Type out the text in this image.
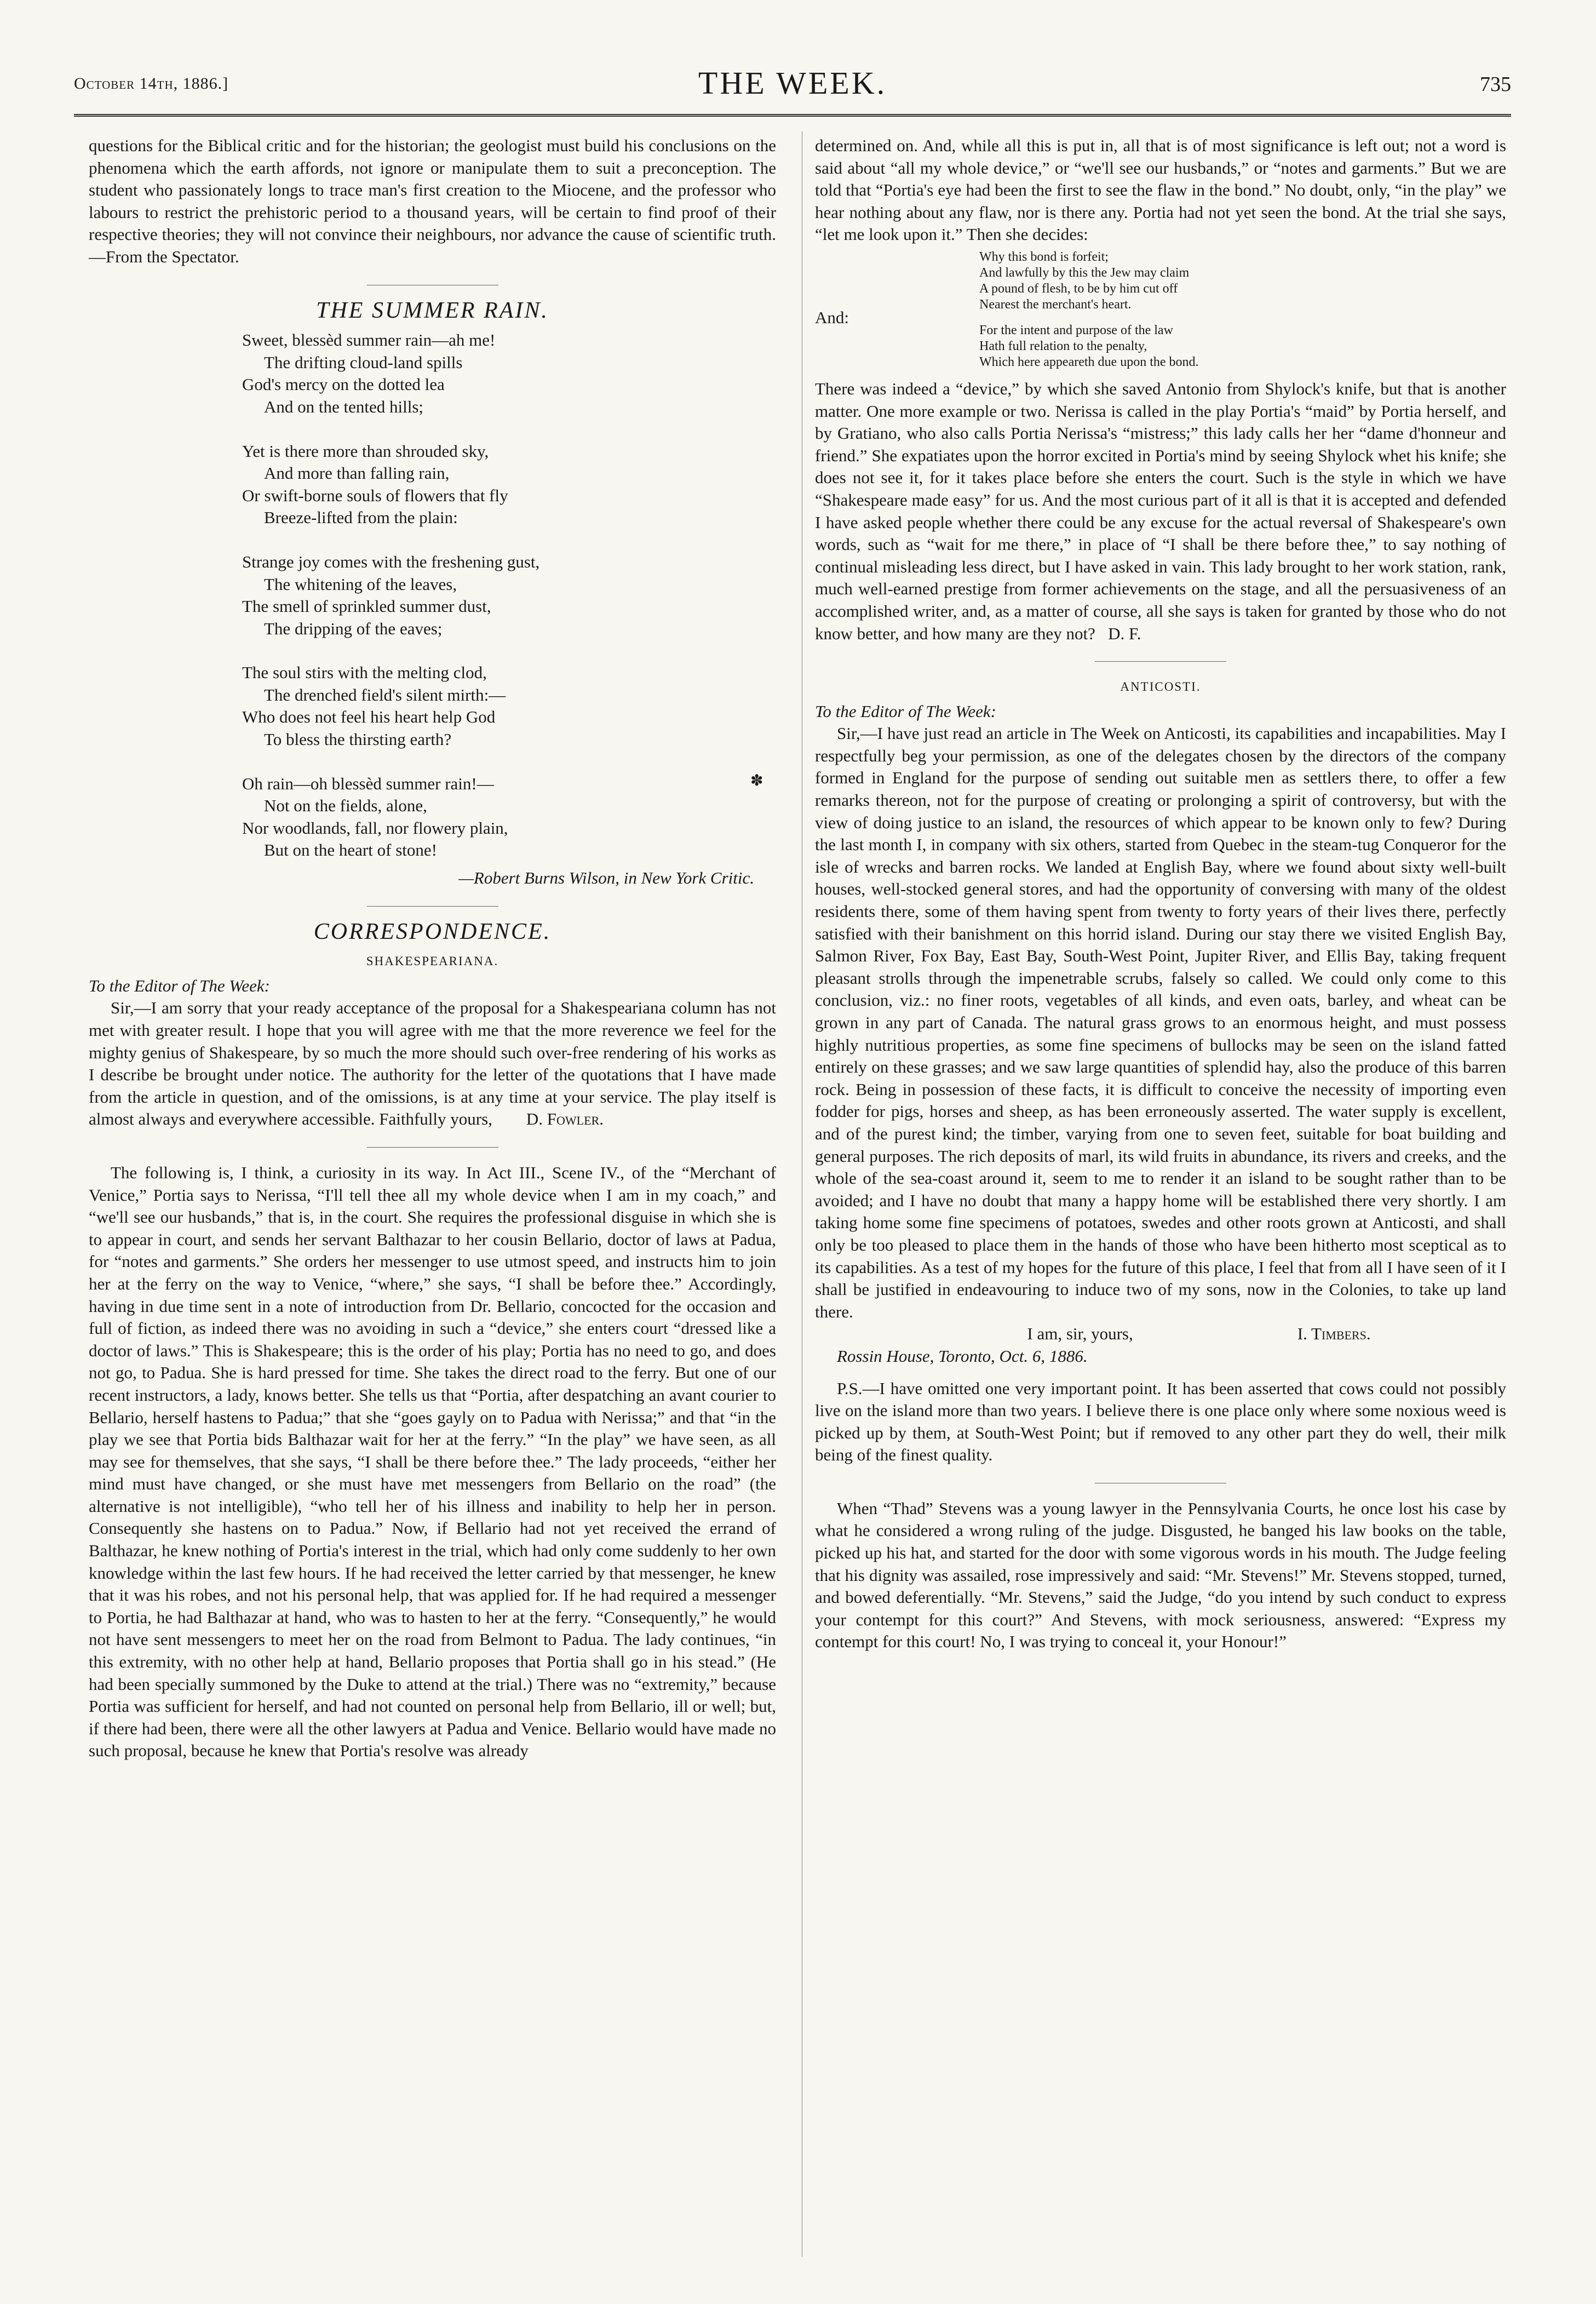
October 14th, 1886.]	THE WEEK.	735
✽

questions for the Biblical critic and for the historian; the geologist must build his conclusions on the phenomena which the earth affords, not ignore or manipulate them to suit a preconception. The student who passionately longs to trace man's first creation to the Miocene, and the professor who labours to restrict the prehistoric period to a thousand years, will be certain to find proof of their respective theories; they will not convince their neighbours, nor advance the cause of scientific truth.—From the Spectator.

THE SUMMER RAIN.
Sweet, blessèd summer rain—ah me!
The drifting cloud-land spills
God's mercy on the dotted lea
And on the tented hills;
Yet is there more than shrouded sky,
And more than falling rain,
Or swift-borne souls of flowers that fly
Breeze-lifted from the plain:
Strange joy comes with the freshening gust,
The whitening of the leaves,
The smell of sprinkled summer dust,
The dripping of the eaves;
The soul stirs with the melting clod,
The drenched field's silent mirth:—
Who does not feel his heart help God
To bless the thirsting earth?
Oh rain—oh blessèd summer rain!—
Not on the fields, alone,
Nor woodlands, fall, nor flowery plain,
But on the heart of stone!
—Robert Burns Wilson, in New York Critic.
CORRESPONDENCE.
SHAKESPEARIANA.

To the Editor of The Week:

Sir,—I am sorry that your ready acceptance of the proposal for a Shakespeariana column has not met with greater result. I hope that you will agree with me that the more reverence we feel for the mighty genius of Shakespeare, by so much the more should such over-free rendering of his works as I describe be brought under notice. The authority for the letter of the quotations that I have made from the article in question, and of the omissions, is at any time at your service. The play itself is almost always and everywhere accessible. Faithfully yours, D. Fowler.

The following is, I think, a curiosity in its way. In Act III., Scene IV., of the “Merchant of Venice,” Portia says to Nerissa, “I'll tell thee all my whole device when I am in my coach,” and “we'll see our husbands,” that is, in the court. She requires the professional disguise in which she is to appear in court, and sends her servant Balthazar to her cousin Bellario, doctor of laws at Padua, for “notes and garments.” She orders her messenger to use utmost speed, and instructs him to join her at the ferry on the way to Venice, “where,” she says, “I shall be before thee.” Accordingly, having in due time sent in a note of introduction from Dr. Bellario, concocted for the occasion and full of fiction, as indeed there was no avoiding in such a “device,” she enters court “dressed like a doctor of laws.” This is Shakespeare; this is the order of his play; Portia has no need to go, and does not go, to Padua. She is hard pressed for time. She takes the direct road to the ferry. But one of our recent instructors, a lady, knows better. She tells us that “Portia, after despatching an avant courier to Bellario, herself hastens to Padua;” that she “goes gayly on to Padua with Nerissa;” and that “in the play we see that Portia bids Balthazar wait for her at the ferry.” “In the play” we have seen, as all may see for themselves, that she says, “I shall be there before thee.” The lady proceeds, “either her mind must have changed, or she must have met messengers from Bellario on the road” (the alternative is not intelligible), “who tell her of his illness and inability to help her in person. Consequently she hastens on to Padua.” Now, if Bellario had not yet received the errand of Balthazar, he knew nothing of Portia's interest in the trial, which had only come suddenly to her own knowledge within the last few hours. If he had received the letter carried by that messenger, he knew that it was his robes, and not his personal help, that was applied for. If he had required a messenger to Portia, he had Balthazar at hand, who was to hasten to her at the ferry. “Consequently,” he would not have sent messengers to meet her on the road from Belmont to Padua. The lady continues, “in this extremity, with no other help at hand, Bellario proposes that Portia shall go in his stead.” (He had been specially summoned by the Duke to attend at the trial.) There was no “extremity,” because Portia was sufficient for herself, and had not counted on personal help from Bellario, ill or well; but, if there had been, there were all the other lawyers at Padua and Venice. Bellario would have made no such proposal, because he knew that Portia's resolve was already

determined on. And, while all this is put in, all that is of most significance is left out; not a word is said about “all my whole device,” or “we'll see our husbands,” or “notes and garments.” But we are told that “Portia's eye had been the first to see the flaw in the bond.” No doubt, only, “in the play” we hear nothing about any flaw, nor is there any. Portia had not yet seen the bond. At the trial she says, “let me look upon it.” Then she decides:

Why this bond is forfeit;
And lawfully by this the Jew may claim
A pound of flesh, to be by him cut off
Nearest the merchant's heart.
For the intent and purpose of the law
Hath full relation to the penalty,
Which here appeareth due upon the bond.
And:

There was indeed a “device,” by which she saved Antonio from Shylock's knife, but that is another matter. One more example or two. Nerissa is called in the play Portia's “maid” by Portia herself, and by Gratiano, who also calls Portia Nerissa's “mistress;” this lady calls her her “dame d'honneur and friend.” She expatiates upon the horror excited in Portia's mind by seeing Shylock whet his knife; she does not see it, for it takes place before she enters the court. Such is the style in which we have “Shakespeare made easy” for us. And the most curious part of it all is that it is accepted and defended I have asked people whether there could be any excuse for the actual reversal of Shakespeare's own words, such as “wait for me there,” in place of “I shall be there before thee,” to say nothing of continual misleading less direct, but I have asked in vain. This lady brought to her work station, rank, much well-earned prestige from former achievements on the stage, and all the persuasiveness of an accomplished writer, and, as a matter of course, all she says is taken for granted by those who do not know better, and how many are they not? D. F.

ANTICOSTI.

To the Editor of The Week:

Sir,—I have just read an article in The Week on Anticosti, its capabilities and incapabilities. May I respectfully beg your permission, as one of the delegates chosen by the directors of the company formed in England for the purpose of sending out suitable men as settlers there, to offer a few remarks thereon, not for the purpose of creating or prolonging a spirit of controversy, but with the view of doing justice to an island, the resources of which appear to be known only to few? During the last month I, in company with six others, started from Quebec in the steam-tug Conqueror for the isle of wrecks and barren rocks. We landed at English Bay, where we found about sixty well-built houses, well-stocked general stores, and had the opportunity of conversing with many of the oldest residents there, some of them having spent from twenty to forty years of their lives there, perfectly satisfied with their banishment on this horrid island. During our stay there we visited English Bay, Salmon River, Fox Bay, East Bay, South-West Point, Jupiter River, and Ellis Bay, taking frequent pleasant strolls through the impenetrable scrubs, falsely so called. We could only come to this conclusion, viz.: no finer roots, vegetables of all kinds, and even oats, barley, and wheat can be grown in any part of Canada. The natural grass grows to an enormous height, and must possess highly nutritious properties, as some fine specimens of bullocks may be seen on the island fatted entirely on these grasses; and we saw large quantities of splendid hay, also the produce of this barren rock. Being in possession of these facts, it is difficult to conceive the necessity of importing even fodder for pigs, horses and sheep, as has been erroneously asserted. The water supply is excellent, and of the purest kind; the timber, varying from one to seven feet, suitable for boat building and general purposes. The rich deposits of marl, its wild fruits in abundance, its rivers and creeks, and the whole of the sea-coast around it, seem to me to render it an island to be sought rather than to be avoided; and I have no doubt that many a happy home will be established there very shortly. I am taking home some fine specimens of potatoes, swedes and other roots grown at Anticosti, and shall only be too pleased to place them in the hands of those who have been hitherto most sceptical as to its capabilities. As a test of my hopes for the future of this place, I feel that from all I have seen of it I shall be justified in endeavouring to induce two of my sons, now in the Colonies, to take up land there.

I am, sir, yours,	I. Timbers.

Rossin House, Toronto, Oct. 6, 1886.

P.S.—I have omitted one very important point. It has been asserted that cows could not possibly live on the island more than two years. I believe there is one place only where some noxious weed is picked up by them, at South-West Point; but if removed to any other part they do well, their milk being of the finest quality.

When “Thad” Stevens was a young lawyer in the Pennsylvania Courts, he once lost his case by what he considered a wrong ruling of the judge. Disgusted, he banged his law books on the table, picked up his hat, and started for the door with some vigorous words in his mouth. The Judge feeling that his dignity was assailed, rose impressively and said: “Mr. Stevens!” Mr. Stevens stopped, turned, and bowed deferentially. “Mr. Stevens,” said the Judge, “do you intend by such conduct to express your contempt for this court?” And Stevens, with mock seriousness, answered: “Express my contempt for this court! No, I was trying to conceal it, your Honour!”
